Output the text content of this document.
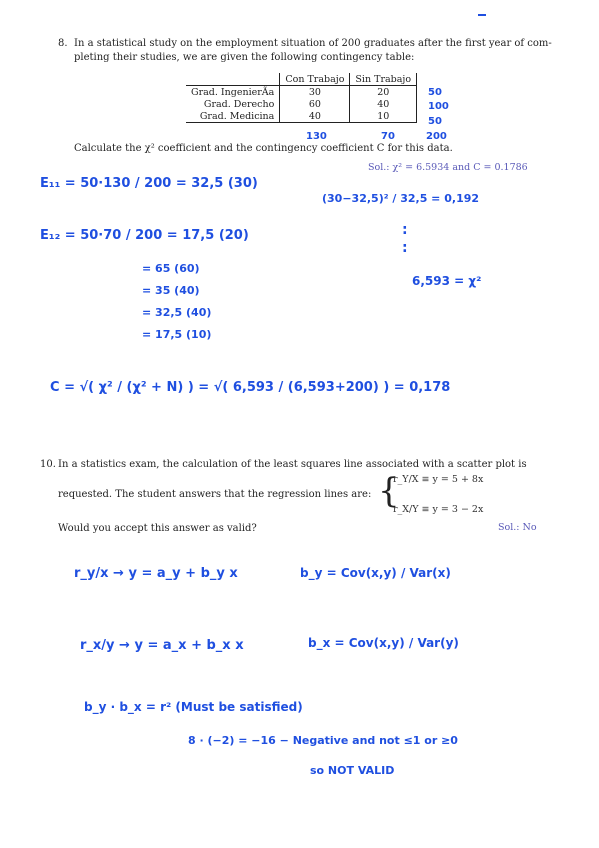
8. In a statistical study on the employment situation of 200 graduates after the first year of com-
pleting their studies, we are given the following contingency table:
	Con Trabajo	Sin Trabajo
Grad. IngenierÃa	30	20
Grad. Derecho	60	40
Grad. Medicina	40	10
50
100
50
130	70	200
Calculate the χ² coefficient and the contingency coefficient C for this data.
Sol.: χ² = 6.5934 and C = 0.1786
E₁₁ = 50·130 / 200 = 32,5 (30)
E₁₂ = 50·70 / 200 = 17,5 (20)
= 65 (60)
= 35 (40)
= 32,5 (40)
= 17,5 (10)
(30−32,5)² / 32,5 = 0,192
:
:
6,593 = χ²
C = √( χ² / (χ² + N) ) = √( 6,593 / (6,593+200) ) = 0,178
10. In a statistics exam, the calculation of the least squares line associated with a scatter plot is
requested. The student answers that the regression lines are: {
r_Y/X ≡ y = 5 + 8x
r_X/Y ≡ y = 3 − 2x
Would you accept this answer as valid?	Sol.: No
r_y/x → y = a_y + b_y x	b_y = Cov(x,y) / Var(x)
r_x/y → y = a_x + b_x x	b_x = Cov(x,y) / Var(y)
b_y · b_x = r² (Must be satisfied)
8 · (−2) = −16 − Negative and not ≤1 or ≥0
so NOT VALID
